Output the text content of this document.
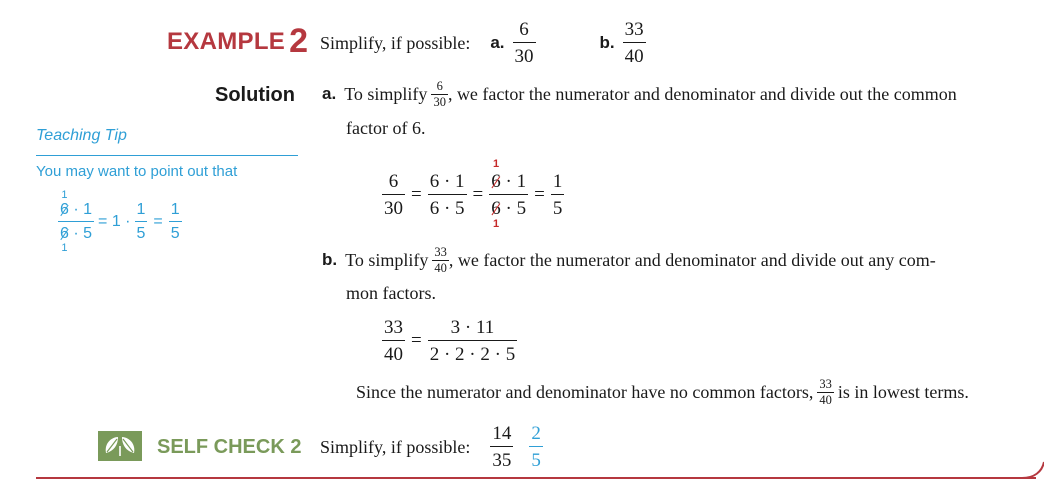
EXAMPLE 2 Simplify, if possible: a. $\frac{6}{30}$	b. $\frac{33}{40}$
Solution a. To simplify $\frac{6}{30}$ , we factor the numerator and denominator and divide out the common
factor of 6.
$\frac{6}{30} = \frac{6 \cdot 1}{6 \cdot 5} = 1$
6 · 1
6
1
· $5 = \frac{1}{5}$
Teaching Tip
You may want to point out that
1
6 · 1
6
1
· $5 = 1 \cdot \frac{1}{5} = \frac{1}{5}$
b. To simplify $\frac{33}{40}$ , we factor the numerator and denominator and divide out any com-
mon factors.
$\frac{33}{40} = \frac{3 \cdot 11}{2 \cdot 2 \cdot 2 \cdot 5}$
Since the numerator and denominator have no common factors, $\frac{33}{40}$ is in lowest terms.
SELF CHECK 2 Simplify, if possible: $\frac{14}{35} \frac{2}{5}$
